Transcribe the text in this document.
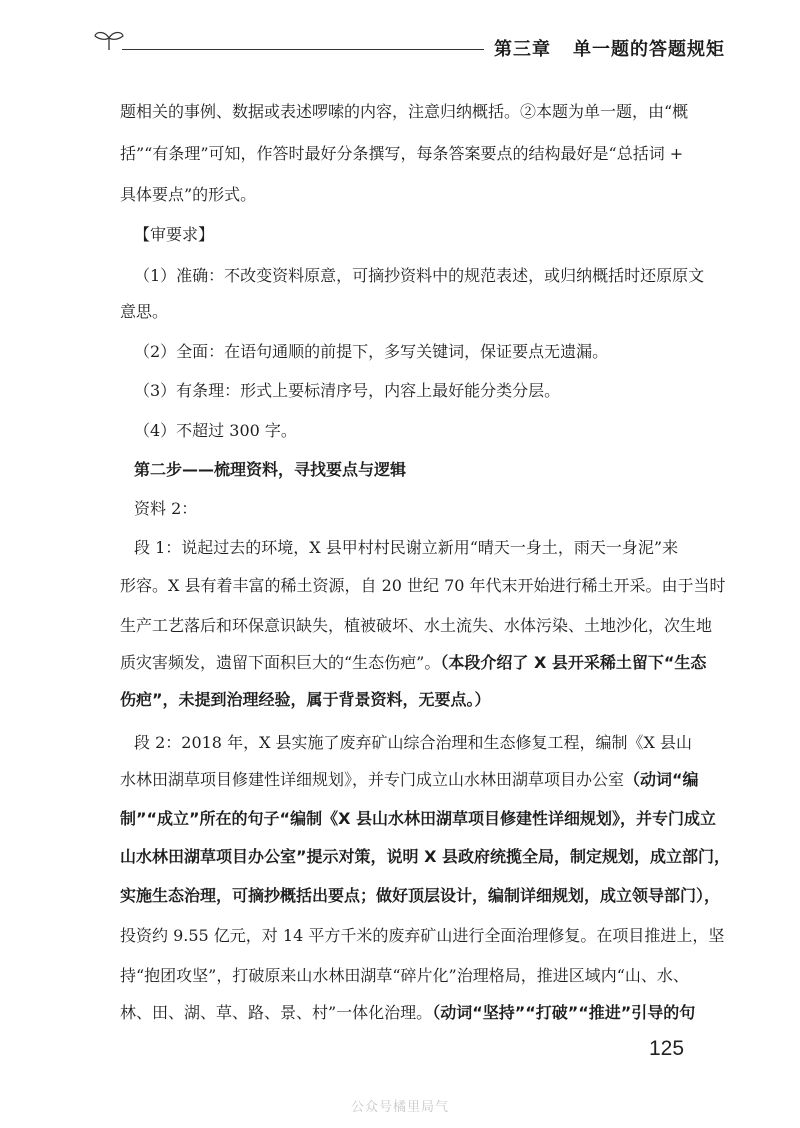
第三章 单一题的答题规矩
题相关的事例、数据或表述啰嗦的内容，注意归纳概括。②本题为单一题，由“概
括”“有条理”可知，作答时最好分条撰写，每条答案要点的结构最好是“总括词 +
具体要点”的形式。
【审要求】
（1）准确：不改变资料原意，可摘抄资料中的规范表述，或归纳概括时还原原文
意思。
（2）全面：在语句通顺的前提下，多写关键词，保证要点无遗漏。
（3）有条理：形式上要标清序号，内容上最好能分类分层。
（4）不超过 300 字。
第二步——梳理资料，寻找要点与逻辑
资料 2：
段 1：说起过去的环境，X 县甲村村民谢立新用“晴天一身土，雨天一身泥”来
形容。X 县有着丰富的稀土资源，自 20 世纪 70 年代末开始进行稀土开采。由于当时
生产工艺落后和环保意识缺失，植被破坏、水土流失、水体污染、土地沙化，次生地
质灾害频发，遗留下面积巨大的“生态伤疤”。（本段介绍了 X 县开采稀土留下“生态
伤疤”，未提到治理经验，属于背景资料，无要点。）
段 2：2018 年，X 县实施了废弃矿山综合治理和生态修复工程，编制《X 县山
水林田湖草项目修建性详细规划》，并专门成立山水林田湖草项目办公室（动词“编
制”“成立”所在的句子“编制《X 县山水林田湖草项目修建性详细规划》，并专门成立
山水林田湖草项目办公室”提示对策，说明 X 县政府统揽全局，制定规划，成立部门，
实施生态治理，可摘抄概括出要点；做好顶层设计，编制详细规划，成立领导部门），
投资约 9.55 亿元，对 14 平方千米的废弃矿山进行全面治理修复。在项目推进上，坚
持“抱团攻坚”，打破原来山水林田湖草“碎片化”治理格局，推进区域内“山、水、
林、田、湖、草、路、景、村”一体化治理。（动词“坚持”“打破”“推进”引导的句
125
公众号橘里局气
